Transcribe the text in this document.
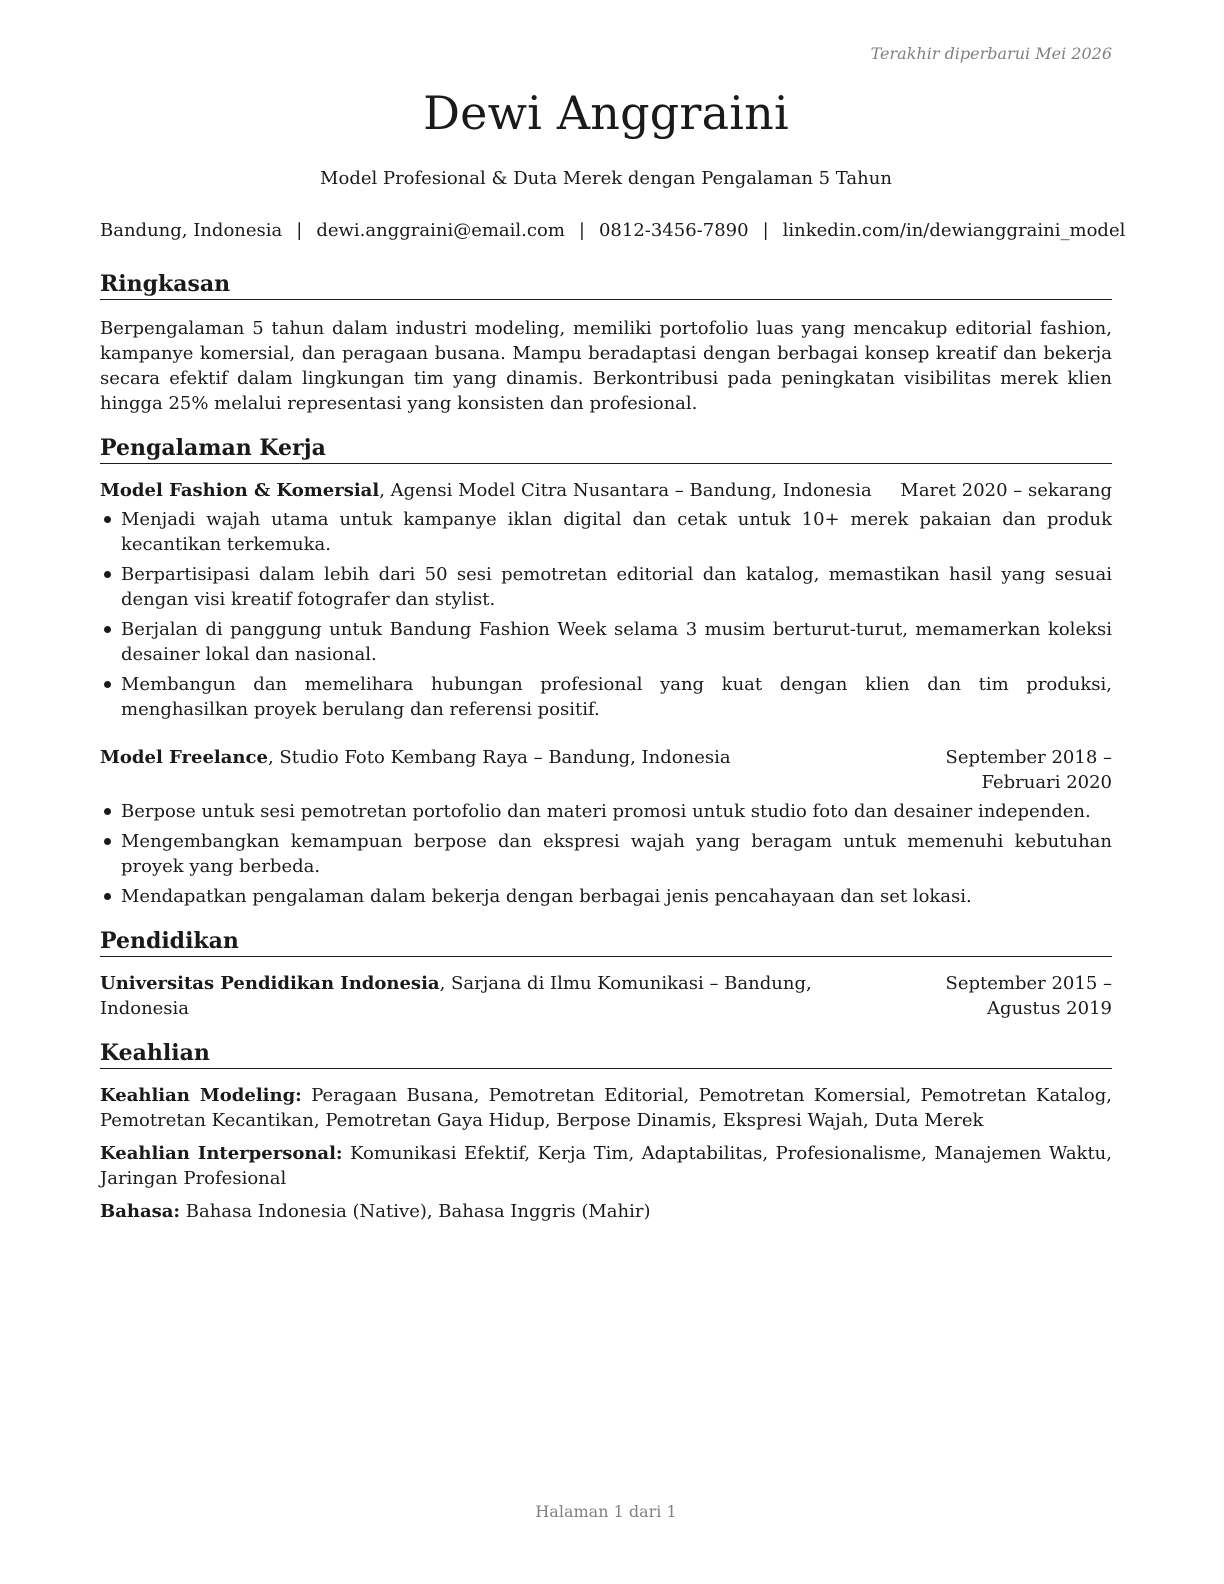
Terakhir diperbarui Mei 2026
Dewi Anggraini
Model Profesional & Duta Merek dengan Pengalaman 5 Tahun
Bandung, Indonesia | dewi.anggraini@email.com | 0812-3456-7890 | linkedin.com/in/dewianggraini_model
Ringkasan
Berpengalaman 5 tahun dalam industri modeling, memiliki portofolio luas yang mencakup editorial fashion, kampanye komersial, dan peragaan busana. Mampu beradaptasi dengan berbagai konsep kreatif dan bekerja secara efektif dalam lingkungan tim yang dinamis. Berkontribusi pada peningkatan visibilitas merek klien hingga 25% melalui representasi yang konsisten dan profesional.
Pengalaman Kerja
Model Fashion & Komersial, Agensi Model Citra Nusantara – Bandung, Indonesia Maret 2020 – sekarang
Menjadi wajah utama untuk kampanye iklan digital dan cetak untuk 10+ merek pakaian dan produk kecantikan terkemuka.
Berpartisipasi dalam lebih dari 50 sesi pemotretan editorial dan katalog, memastikan hasil yang sesuai dengan visi kreatif fotografer dan stylist.
Berjalan di panggung untuk Bandung Fashion Week selama 3 musim berturut-turut, memamerkan koleksi desainer lokal dan nasional.
Membangun dan memelihara hubungan profesional yang kuat dengan klien dan tim produksi, menghasilkan proyek berulang dan referensi positif.
Model Freelance, Studio Foto Kembang Raya – Bandung, Indonesia	September 2018 – Februari 2020
Berpose untuk sesi pemotretan portofolio dan materi promosi untuk studio foto dan desainer independen.
Mengembangkan kemampuan berpose dan ekspresi wajah yang beragam untuk memenuhi kebutuhan proyek yang berbeda.
Mendapatkan pengalaman dalam bekerja dengan berbagai jenis pencahayaan dan set lokasi.
Pendidikan
Universitas Pendidikan Indonesia, Sarjana di Ilmu Komunikasi – Bandung, Indonesia
September 2015 – Agustus 2019
Keahlian
Keahlian Modeling: Peragaan Busana, Pemotretan Editorial, Pemotretan Komersial, Pemotretan Katalog, Pemotretan Kecantikan, Pemotretan Gaya Hidup, Berpose Dinamis, Ekspresi Wajah, Duta Merek
Keahlian Interpersonal: Komunikasi Efektif, Kerja Tim, Adaptabilitas, Profesionalisme, Manajemen Waktu, Jaringan Profesional
Bahasa: Bahasa Indonesia (Native), Bahasa Inggris (Mahir)
Halaman 1 dari 1
